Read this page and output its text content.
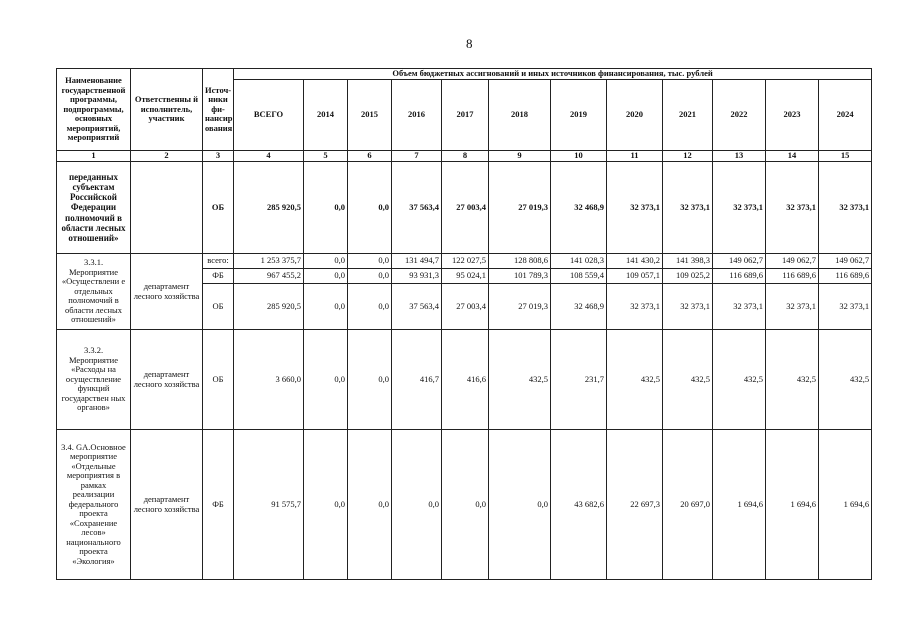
8
Наименование государственной программы, подпрограммы, основных мероприятий, мероприятий	Ответственны й исполнитель, участник	Источ- ники фи- нансир ования	Объем бюджетных ассигнований и иных источников финансирования, тыс. рублей											
			ВСЕГО	2014	2015	2016	2017	2018	2019	2020	2021	2022	2023	2024
1	2	3	4	5	6	7	8	9	10	11	12	13	14	15
переданных субъектам Российской Федерации полномочий в области лесных отношений»		ОБ	285 920,5	0,0	0,0	37 563,4	27 003,4	27 019,3	32 468,9	32 373,1	32 373,1	32 373,1	32 373,1	32 373,1
3.3.1. Мероприятие «Осуществлени е отдельных полномочий в области лесных отношений»	департамент лесного хозяйства	всего:	1 253 375,7	0,0	0,0	131 494,7	122 027,5	128 808,6	141 028,3	141 430,2	141 398,3	149 062,7	149 062,7	149 062,7
		ФБ	967 455,2	0,0	0,0	93 931,3	95 024,1	101 789,3	108 559,4	109 057,1	109 025,2	116 689,6	116 689,6	116 689,6
		ОБ	285 920,5	0,0	0,0	37 563,4	27 003,4	27 019,3	32 468,9	32 373,1	32 373,1	32 373,1	32 373,1	32 373,1
3.3.2. Мероприятие «Расходы на осуществление функций государствен ных органов»	департамент лесного хозяйства	ОБ	3 660,0	0,0	0,0	416,7	416,6	432,5	231,7	432,5	432,5	432,5	432,5	432,5
3.4. GA.Основное мероприятие «Отдельные мероприятия в рамках реализации федерального проекта «Сохранение лесов» национального проекта «Экология»	департамент лесного хозяйства	ФБ	91 575,7	0,0	0,0	0,0	0,0	0,0	43 682,6	22 697,3	20 697,0	1 694,6	1 694,6	1 694,6
